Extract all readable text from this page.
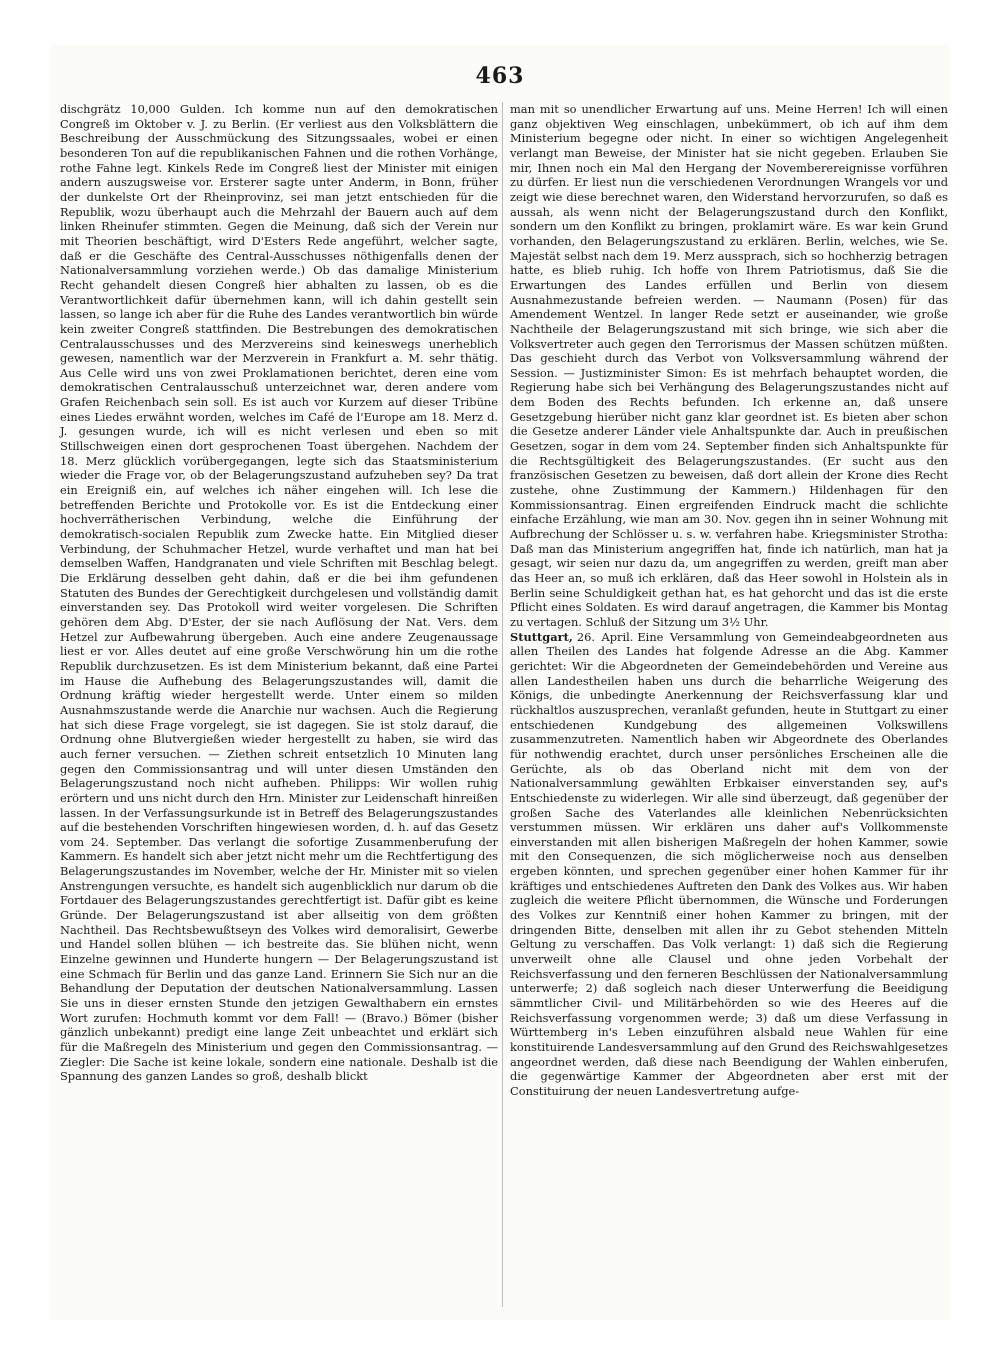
463

dischgrätz 10,000 Gulden. Ich komme nun auf den demokratischen Congreß im Oktober v. J. zu Berlin. (Er verliest aus den Volksblättern die Beschreibung der Ausschmückung des Sitzungssaales, wobei er einen besonderen Ton auf die republikanischen Fahnen und die rothen Vorhänge, rothe Fahne legt. Kinkels Rede im Congreß liest der Minister mit einigen andern auszugsweise vor. Ersterer sagte unter Anderm, in Bonn, früher der dunkelste Ort der Rheinprovinz, sei man jetzt entschieden für die Republik, wozu überhaupt auch die Mehrzahl der Bauern auch auf dem linken Rheinufer stimmten. Gegen die Meinung, daß sich der Verein nur mit Theorien beschäftigt, wird D'Esters Rede angeführt, welcher sagte, daß er die Geschäfte des Central-Ausschusses nöthigenfalls denen der Nationalversammlung vorziehen werde.) Ob das damalige Ministerium Recht gehandelt diesen Congreß hier abhalten zu lassen, ob es die Verantwortlichkeit dafür übernehmen kann, will ich dahin gestellt sein lassen, so lange ich aber für die Ruhe des Landes verantwortlich bin würde kein zweiter Congreß stattfinden. Die Bestrebungen des demokratischen Centralausschusses und des Merzvereins sind keineswegs unerheblich gewesen, namentlich war der Merzverein in Frankfurt a. M. sehr thätig. Aus Celle wird uns von zwei Proklamationen berichtet, deren eine vom demokratischen Centralausschuß unterzeichnet war, deren andere vom Grafen Reichenbach sein soll. Es ist auch vor Kurzem auf dieser Tribüne eines Liedes erwähnt worden, welches im Café de l'Europe am 18. Merz d. J. gesungen wurde, ich will es nicht verlesen und eben so mit Stillschweigen einen dort gesprochenen Toast übergehen. Nachdem der 18. Merz glücklich vorübergegangen, legte sich das Staatsministerium wieder die Frage vor, ob der Belagerungszustand aufzuheben sey? Da trat ein Ereigniß ein, auf welches ich näher eingehen will. Ich lese die betreffenden Berichte und Protokolle vor. Es ist die Entdeckung einer hochverrätherischen Verbindung, welche die Einführung der demokratisch-socialen Republik zum Zwecke hatte. Ein Mitglied dieser Verbindung, der Schuhmacher Hetzel, wurde verhaftet und man hat bei demselben Waffen, Handgranaten und viele Schriften mit Beschlag belegt. Die Erklärung desselben geht dahin, daß er die bei ihm gefundenen Statuten des Bundes der Gerechtigkeit durchgelesen und vollständig damit einverstanden sey. Das Protokoll wird weiter vorgelesen. Die Schriften gehören dem Abg. D'Ester, der sie nach Auflösung der Nat. Vers. dem Hetzel zur Aufbewahrung übergeben. Auch eine andere Zeugenaussage liest er vor. Alles deutet auf eine große Verschwörung hin um die rothe Republik durchzusetzen. Es ist dem Ministerium bekannt, daß eine Partei im Hause die Aufhebung des Belagerungszustandes will, damit die Ordnung kräftig wieder hergestellt werde. Unter einem so milden Ausnahmszustande werde die Anarchie nur wachsen. Auch die Regierung hat sich diese Frage vorgelegt, sie ist dagegen. Sie ist stolz darauf, die Ordnung ohne Blutvergießen wieder hergestellt zu haben, sie wird das auch ferner versuchen. — Ziethen schreit entsetzlich 10 Minuten lang gegen den Commissionsantrag und will unter diesen Umständen den Belagerungszustand noch nicht aufheben. Philipps: Wir wollen ruhig erörtern und uns nicht durch den Hrn. Minister zur Leidenschaft hinreißen lassen. In der Verfassungsurkunde ist in Betreff des Belagerungszustandes auf die bestehenden Vorschriften hingewiesen worden, d. h. auf das Gesetz vom 24. September. Das verlangt die sofortige Zusammenberufung der Kammern. Es handelt sich aber jetzt nicht mehr um die Rechtfertigung des Belagerungszustandes im November, welche der Hr. Minister mit so vielen Anstrengungen versuchte, es handelt sich augenblicklich nur darum ob die Fortdauer des Belagerungszustandes gerechtfertigt ist. Dafür gibt es keine Gründe. Der Belagerungszustand ist aber allseitig von dem größten Nachtheil. Das Rechtsbewußtseyn des Volkes wird demoralisirt, Gewerbe und Handel sollen blühen — ich bestreite das. Sie blühen nicht, wenn Einzelne gewinnen und Hunderte hungern — Der Belagerungszustand ist eine Schmach für Berlin und das ganze Land. Erinnern Sie Sich nur an die Behandlung der Deputation der deutschen Nationalversammlung. Lassen Sie uns in dieser ernsten Stunde den jetzigen Gewalthabern ein ernstes Wort zurufen: Hochmuth kommt vor dem Fall! — (Bravo.) Bömer (bisher gänzlich unbekannt) predigt eine lange Zeit unbeachtet und erklärt sich für die Maßregeln des Ministerium und gegen den Commissionsantrag. — Ziegler: Die Sache ist keine lokale, sondern eine nationale. Deshalb ist die Spannung des ganzen Landes so groß, deshalb blickt

man mit so unendlicher Erwartung auf uns. Meine Herren! Ich will einen ganz objektiven Weg einschlagen, unbekümmert, ob ich auf ihm dem Ministerium begegne oder nicht. In einer so wichtigen Angelegenheit verlangt man Beweise, der Minister hat sie nicht gegeben. Erlauben Sie mir, Ihnen noch ein Mal den Hergang der Novemberereignisse vorführen zu dürfen. Er liest nun die verschiedenen Verordnungen Wrangels vor und zeigt wie diese berechnet waren, den Widerstand hervorzurufen, so daß es aussah, als wenn nicht der Belagerungszustand durch den Konflikt, sondern um den Konflikt zu bringen, proklamirt wäre. Es war kein Grund vorhanden, den Belagerungszustand zu erklären. Berlin, welches, wie Se. Majestät selbst nach dem 19. Merz aussprach, sich so hochherzig betragen hatte, es blieb ruhig. Ich hoffe von Ihrem Patriotismus, daß Sie die Erwartungen des Landes erfüllen und Berlin von diesem Ausnahmezustande befreien werden. — Naumann (Posen) für das Amendement Wentzel. In langer Rede setzt er auseinander, wie große Nachtheile der Belagerungszustand mit sich bringe, wie sich aber die Volksvertreter auch gegen den Terrorismus der Massen schützen müßten. Das geschieht durch das Verbot von Volksversammlung während der Session. — Justizminister Simon: Es ist mehrfach behauptet worden, die Regierung habe sich bei Verhängung des Belagerungszustandes nicht auf dem Boden des Rechts befunden. Ich erkenne an, daß unsere Gesetzgebung hierüber nicht ganz klar geordnet ist. Es bieten aber schon die Gesetze anderer Länder viele Anhaltspunkte dar. Auch in preußischen Gesetzen, sogar in dem vom 24. September finden sich Anhaltspunkte für die Rechtsgültigkeit des Belagerungszustandes. (Er sucht aus den französischen Gesetzen zu beweisen, daß dort allein der Krone dies Recht zustehe, ohne Zustimmung der Kammern.) Hildenhagen für den Kommissionsantrag. Einen ergreifenden Eindruck macht die schlichte einfache Erzählung, wie man am 30. Nov. gegen ihn in seiner Wohnung mit Aufbrechung der Schlösser u. s. w. verfahren habe. Kriegsminister Strotha: Daß man das Ministerium angegriffen hat, finde ich natürlich, man hat ja gesagt, wir seien nur dazu da, um angegriffen zu werden, greift man aber das Heer an, so muß ich erklären, daß das Heer sowohl in Holstein als in Berlin seine Schuldigkeit gethan hat, es hat gehorcht und das ist die erste Pflicht eines Soldaten. Es wird darauf angetragen, die Kammer bis Montag zu vertagen. Schluß der Sitzung um 3½ Uhr.

Stuttgart, 26. April. Eine Versammlung von Gemeindeabgeordneten aus allen Theilen des Landes hat folgende Adresse an die Abg. Kammer gerichtet: Wir die Abgeordneten der Gemeindebehörden und Vereine aus allen Landestheilen haben uns durch die beharrliche Weigerung des Königs, die unbedingte Anerkennung der Reichsverfassung klar und rückhaltlos auszusprechen, veranlaßt gefunden, heute in Stuttgart zu einer entschiedenen Kundgebung des allgemeinen Volkswillens zusammenzutreten. Namentlich haben wir Abgeordnete des Oberlandes für nothwendig erachtet, durch unser persönliches Erscheinen alle die Gerüchte, als ob das Oberland nicht mit dem von der Nationalversammlung gewählten Erbkaiser einverstanden sey, auf's Entschiedenste zu widerlegen. Wir alle sind überzeugt, daß gegenüber der großen Sache des Vaterlandes alle kleinlichen Nebenrücksichten verstummen müssen. Wir erklären uns daher auf's Vollkommenste einverstanden mit allen bisherigen Maßregeln der hohen Kammer, sowie mit den Consequenzen, die sich möglicherweise noch aus denselben ergeben könnten, und sprechen gegenüber einer hohen Kammer für ihr kräftiges und entschiedenes Auftreten den Dank des Volkes aus. Wir haben zugleich die weitere Pflicht übernommen, die Wünsche und Forderungen des Volkes zur Kenntniß einer hohen Kammer zu bringen, mit der dringenden Bitte, denselben mit allen ihr zu Gebot stehenden Mitteln Geltung zu verschaffen. Das Volk verlangt: 1) daß sich die Regierung unverweilt ohne alle Clausel und ohne jeden Vorbehalt der Reichsverfassung und den ferneren Beschlüssen der Nationalversammlung unterwerfe; 2) daß sogleich nach dieser Unterwerfung die Beeidigung sämmtlicher Civil- und Militärbehörden so wie des Heeres auf die Reichsverfassung vorgenommen werde; 3) daß um diese Verfassung in Württemberg in's Leben einzuführen alsbald neue Wahlen für eine konstituirende Landesversammlung auf den Grund des Reichswahlgesetzes angeordnet werden, daß diese nach Beendigung der Wahlen einberufen, die gegenwärtige Kammer der Abgeordneten aber erst mit der Constituirung der neuen Landesvertretung aufge-
